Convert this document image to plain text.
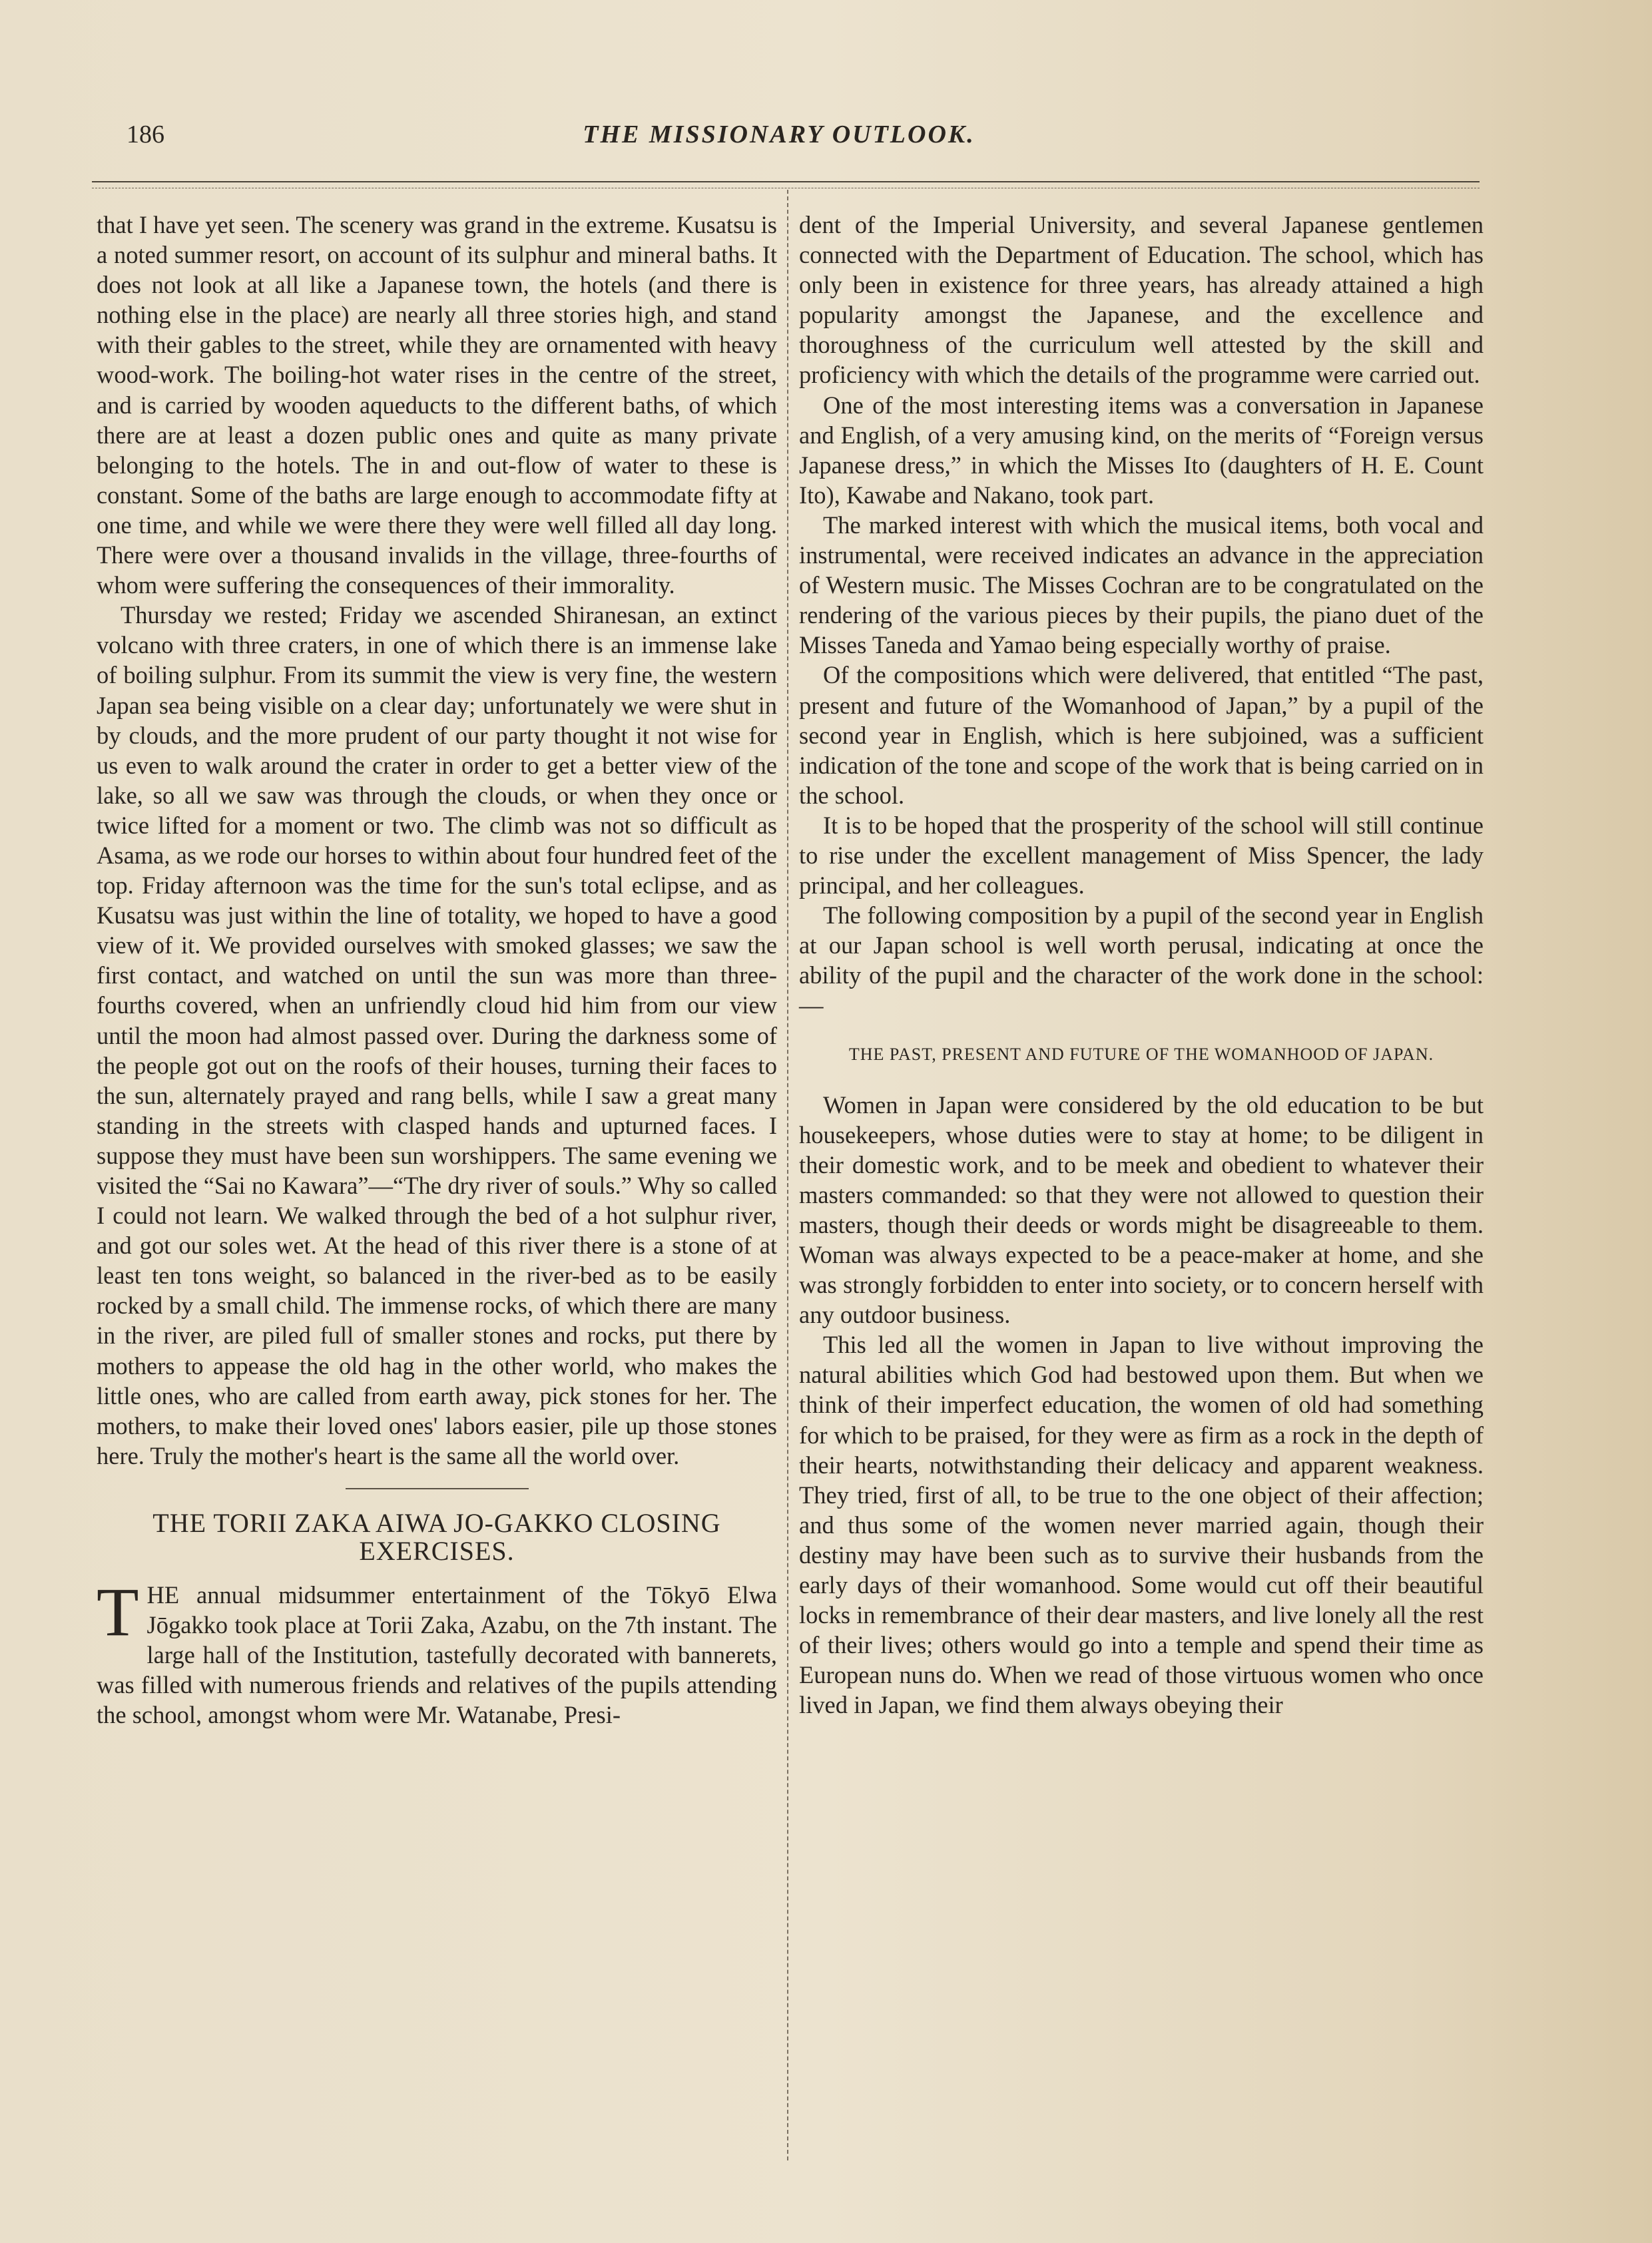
186	THE MISSIONARY OUTLOOK.

that I have yet seen. The scenery was grand in the extreme. Kusatsu is a noted summer resort, on account of its sulphur and mineral baths. It does not look at all like a Japanese town, the hotels (and there is nothing else in the place) are nearly all three stories high, and stand with their gables to the street, while they are ornamented with heavy wood-work. The boiling-hot water rises in the centre of the street, and is carried by wooden aqueducts to the different baths, of which there are at least a dozen public ones and quite as many private belonging to the hotels. The in and out-flow of water to these is constant. Some of the baths are large enough to accommodate fifty at one time, and while we were there they were well filled all day long. There were over a thousand invalids in the village, three-fourths of whom were suffering the consequences of their immorality.

Thursday we rested; Friday we ascended Shiranesan, an extinct volcano with three craters, in one of which there is an immense lake of boiling sulphur. From its summit the view is very fine, the western Japan sea being visible on a clear day; unfortunately we were shut in by clouds, and the more prudent of our party thought it not wise for us even to walk around the crater in order to get a better view of the lake, so all we saw was through the clouds, or when they once or twice lifted for a moment or two. The climb was not so difficult as Asama, as we rode our horses to within about four hundred feet of the top. Friday afternoon was the time for the sun's total eclipse, and as Kusatsu was just within the line of totality, we hoped to have a good view of it. We provided ourselves with smoked glasses; we saw the first contact, and watched on until the sun was more than three-fourths covered, when an unfriendly cloud hid him from our view until the moon had almost passed over. During the darkness some of the people got out on the roofs of their houses, turning their faces to the sun, alternately prayed and rang bells, while I saw a great many standing in the streets with clasped hands and upturned faces. I suppose they must have been sun worshippers. The same evening we visited the “Sai no Kawara”—“The dry river of souls.” Why so called I could not learn. We walked through the bed of a hot sulphur river, and got our soles wet. At the head of this river there is a stone of at least ten tons weight, so balanced in the river-bed as to be easily rocked by a small child. The immense rocks, of which there are many in the river, are piled full of smaller stones and rocks, put there by mothers to appease the old hag in the other world, who makes the little ones, who are called from earth away, pick stones for her. The mothers, to make their loved ones' labors easier, pile up those stones here. Truly the mother's heart is the same all the world over.

THE TORII ZAKA AIWA JO-GAKKO CLOSING EXERCISES.

THE annual midsummer entertainment of the Tōkyō Elwa Jōgakko took place at Torii Zaka, Azabu, on the 7th instant. The large hall of the Institution, tastefully decorated with bannerets, was filled with numerous friends and relatives of the pupils attending the school, amongst whom were Mr. Watanabe, Presi-

dent of the Imperial University, and several Japanese gentlemen connected with the Department of Education. The school, which has only been in existence for three years, has already attained a high popularity amongst the Japanese, and the excellence and thoroughness of the curriculum well attested by the skill and proficiency with which the details of the programme were carried out.

One of the most interesting items was a conversation in Japanese and English, of a very amusing kind, on the merits of “Foreign versus Japanese dress,” in which the Misses Ito (daughters of H. E. Count Ito), Kawabe and Nakano, took part.

The marked interest with which the musical items, both vocal and instrumental, were received indicates an advance in the appreciation of Western music. The Misses Cochran are to be congratulated on the rendering of the various pieces by their pupils, the piano duet of the Misses Taneda and Yamao being especially worthy of praise.

Of the compositions which were delivered, that entitled “The past, present and future of the Womanhood of Japan,” by a pupil of the second year in English, which is here subjoined, was a sufficient indication of the tone and scope of the work that is being carried on in the school.

It is to be hoped that the prosperity of the school will still continue to rise under the excellent management of Miss Spencer, the lady principal, and her colleagues.

The following composition by a pupil of the second year in English at our Japan school is well worth perusal, indicating at once the ability of the pupil and the character of the work done in the school:—

THE PAST, PRESENT AND FUTURE OF THE WOMANHOOD OF JAPAN.

Women in Japan were considered by the old education to be but housekeepers, whose duties were to stay at home; to be diligent in their domestic work, and to be meek and obedient to whatever their masters commanded: so that they were not allowed to question their masters, though their deeds or words might be disagreeable to them. Woman was always expected to be a peace-maker at home, and she was strongly forbidden to enter into society, or to concern herself with any outdoor business.

This led all the women in Japan to live without improving the natural abilities which God had bestowed upon them. But when we think of their imperfect education, the women of old had something for which to be praised, for they were as firm as a rock in the depth of their hearts, notwithstanding their delicacy and apparent weakness. They tried, first of all, to be true to the one object of their affection; and thus some of the women never married again, though their destiny may have been such as to survive their husbands from the early days of their womanhood. Some would cut off their beautiful locks in remembrance of their dear masters, and live lonely all the rest of their lives; others would go into a temple and spend their time as European nuns do. When we read of those virtuous women who once lived in Japan, we find them always obeying their
